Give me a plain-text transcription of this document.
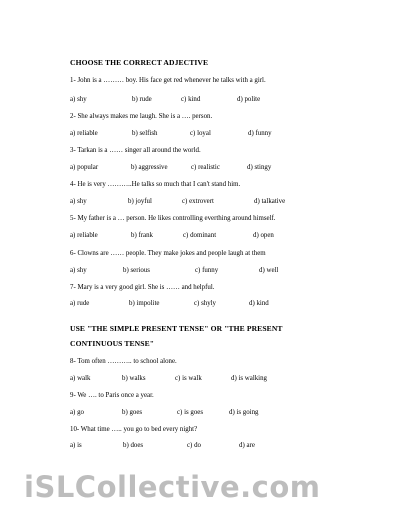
CHOOSE THE CORRECT ADJECTIVE
1- John is a ……… boy. His face get red whenever he talks with a girl.
a) shy	b) rude	c) kind	d) polite
2- She always makes me laugh. She is a …. person.
a) reliable	b) selfish	c) loyal	d) funny
3- Tarkan is a …… singer all around the world.
a) popular	b) aggressive	c) realistic	d) stingy
4- He is very ………..He talks so much that I can't stand him.
a) shy	b) joyful	c) extrovert	d) talkative
5- My father is a … person. He likes controlling everthing around himself.
a) reliable	b) frank	c) dominant	d) open
6- Clowns are …… people. They make jokes and people laugh at them
a) shy	b) serious	c) funny	d) well
7- Mary is a very good girl. She is …… and helpful.
a) rude	b) impolite	c) shyly	d) kind
USE "THE SIMPLE PRESENT TENSE" OR "THE PRESENT
CONTINUOUS TENSE"
8- Tom often ……….. to school alone.
a) walk	b) walks	c) is walk	d) is walking
9- We …. to Paris once a year.
a) go	b) goes	c) is goes	d) is going
10- What time ….. you go to bed every night?
a) is	b) does	c) do	d) are
iSLCollective.com
